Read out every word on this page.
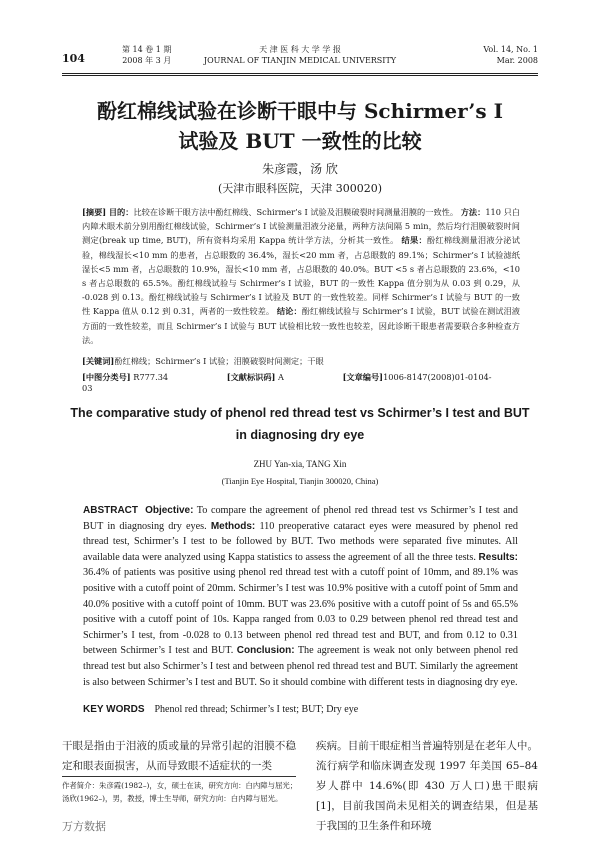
104
第 14 卷 1 期
2008 年 3 月
天 津 医 科 大 学 学 报
JOURNAL OF TIANJIN MEDICAL UNIVERSITY
Vol. 14, No. 1
Mar. 2008
酚红棉线试验在诊断干眼中与 Schirmer’s I
试验及 BUT 一致性的比较
朱彦霞，汤 欣
(天津市眼科医院，天津 300020)
[摘要] 目的：比较在诊断干眼方法中酚红棉线、Schirmer’s I 试验及泪膜破裂时间测量泪膜的一致性。 方法：110 只白内障术眼术前分别用酚红棉线试验，Schirmer’s I 试验测量泪液分泌量，两种方法间隔 5 min，然后均行泪膜破裂时间测定(break up time, BUT)，所有资料均采用 Kappa 统计学方法，分析其一致性。 结果：酚红棉线测量泪液分泌试验，棉线湿长<10 mm 的患者，占总眼数的 36.4%，湿长<20 mm 者，占总眼数的 89.1%；Schirmer’s I 试验滤纸湿长<5 mm 者，占总眼数的 10.9%，湿长<10 mm 者，占总眼数的 40.0%。BUT <5 s 者占总眼数的 23.6%，<10 s 者占总眼数的 65.5%。酚红棉线试验与 Schirmer’s I 试验，BUT 的一致性 Kappa 值分别为从 0.03 到 0.29，从 -0.028 到 0.13。酚红棉线试验与 Schirmer’s I 试验及 BUT 的一致性较差。同样 Schirmer’s I 试验与 BUT 的一致性 Kappa 值从 0.12 到 0.31，两者的一致性较差。 结论：酚红棉线试验与 Schirmer’s I 试验，BUT 试验在测试泪液方面的一致性较差，而且 Schirmer’s I 试验与 BUT 试验相比较一致性也较差，因此诊断干眼患者需要联合多种检查方法。
[关键词]酚红棉线；Schirmer’s I 试验；泪膜破裂时间测定；干眼
[中图分类号] R777.34	[文献标识码] A	[文章编号]1006-8147(2008)01-0104-03
The comparative study of phenol red thread test vs Schirmer’s I test and BUT
in diagnosing dry eye
ZHU Yan-xia, TANG Xin
(Tianjin Eye Hospital, Tianjin 300020, China)
ABSTRACT Objective: To compare the agreement of phenol red thread test vs Schirmer’s I test and BUT in diagnosing dry eyes. Methods: 110 preoperative cataract eyes were measured by phenol red thread test, Schirmer’s I test to be followed by BUT. Two methods were separated five minutes. All available data were analyzed using Kappa statistics to assess the agreement of all the three tests. Results: 36.4% of patients was positive using phenol red thread test with a cutoff point of 10mm, and 89.1% was positive with a cutoff point of 20mm. Schirmer’s I test was 10.9% positive with a cutoff point of 5mm and 40.0% positive with a cutoff point of 10mm. BUT was 23.6% positive with a cutoff point of 5s and 65.5% positive with a cutoff point of 10s. Kappa ranged from 0.03 to 0.29 between phenol red thread test and Schirmer’s I test, from -0.028 to 0.13 between phenol red thread test and BUT, and from 0.12 to 0.31 between Schirmer’s I test and BUT. Conclusion: The agreement is weak not only between phenol red thread test but also Schirmer’s I test and between phenol red thread test and BUT. Similarly the agreement is also between Schirmer’s I test and BUT. So it should combine with different tests in diagnosing dry eye.
KEY WORDS Phenol red thread; Schirmer’s I test; BUT; Dry eye
干眼是指由于泪液的质或量的异常引起的泪膜不稳定和眼表面损害，从而导致眼不适症状的一类
疾病。目前干眼症相当普遍特别是在老年人中。流行病学和临床调查发现 1997 年美国 65–84 岁人群中 14.6%(即 430 万人口)患干眼病[1]，目前我国尚未见相关的调查结果，但是基于我国的卫生条件和环境
作者简介：朱彦霞(1982–)，女，硕士在读，研究方向：白内障与屈光；
汤欣(1962–)，男，教授，博士生导师，研究方向：白内障与屈光。
万方数据
